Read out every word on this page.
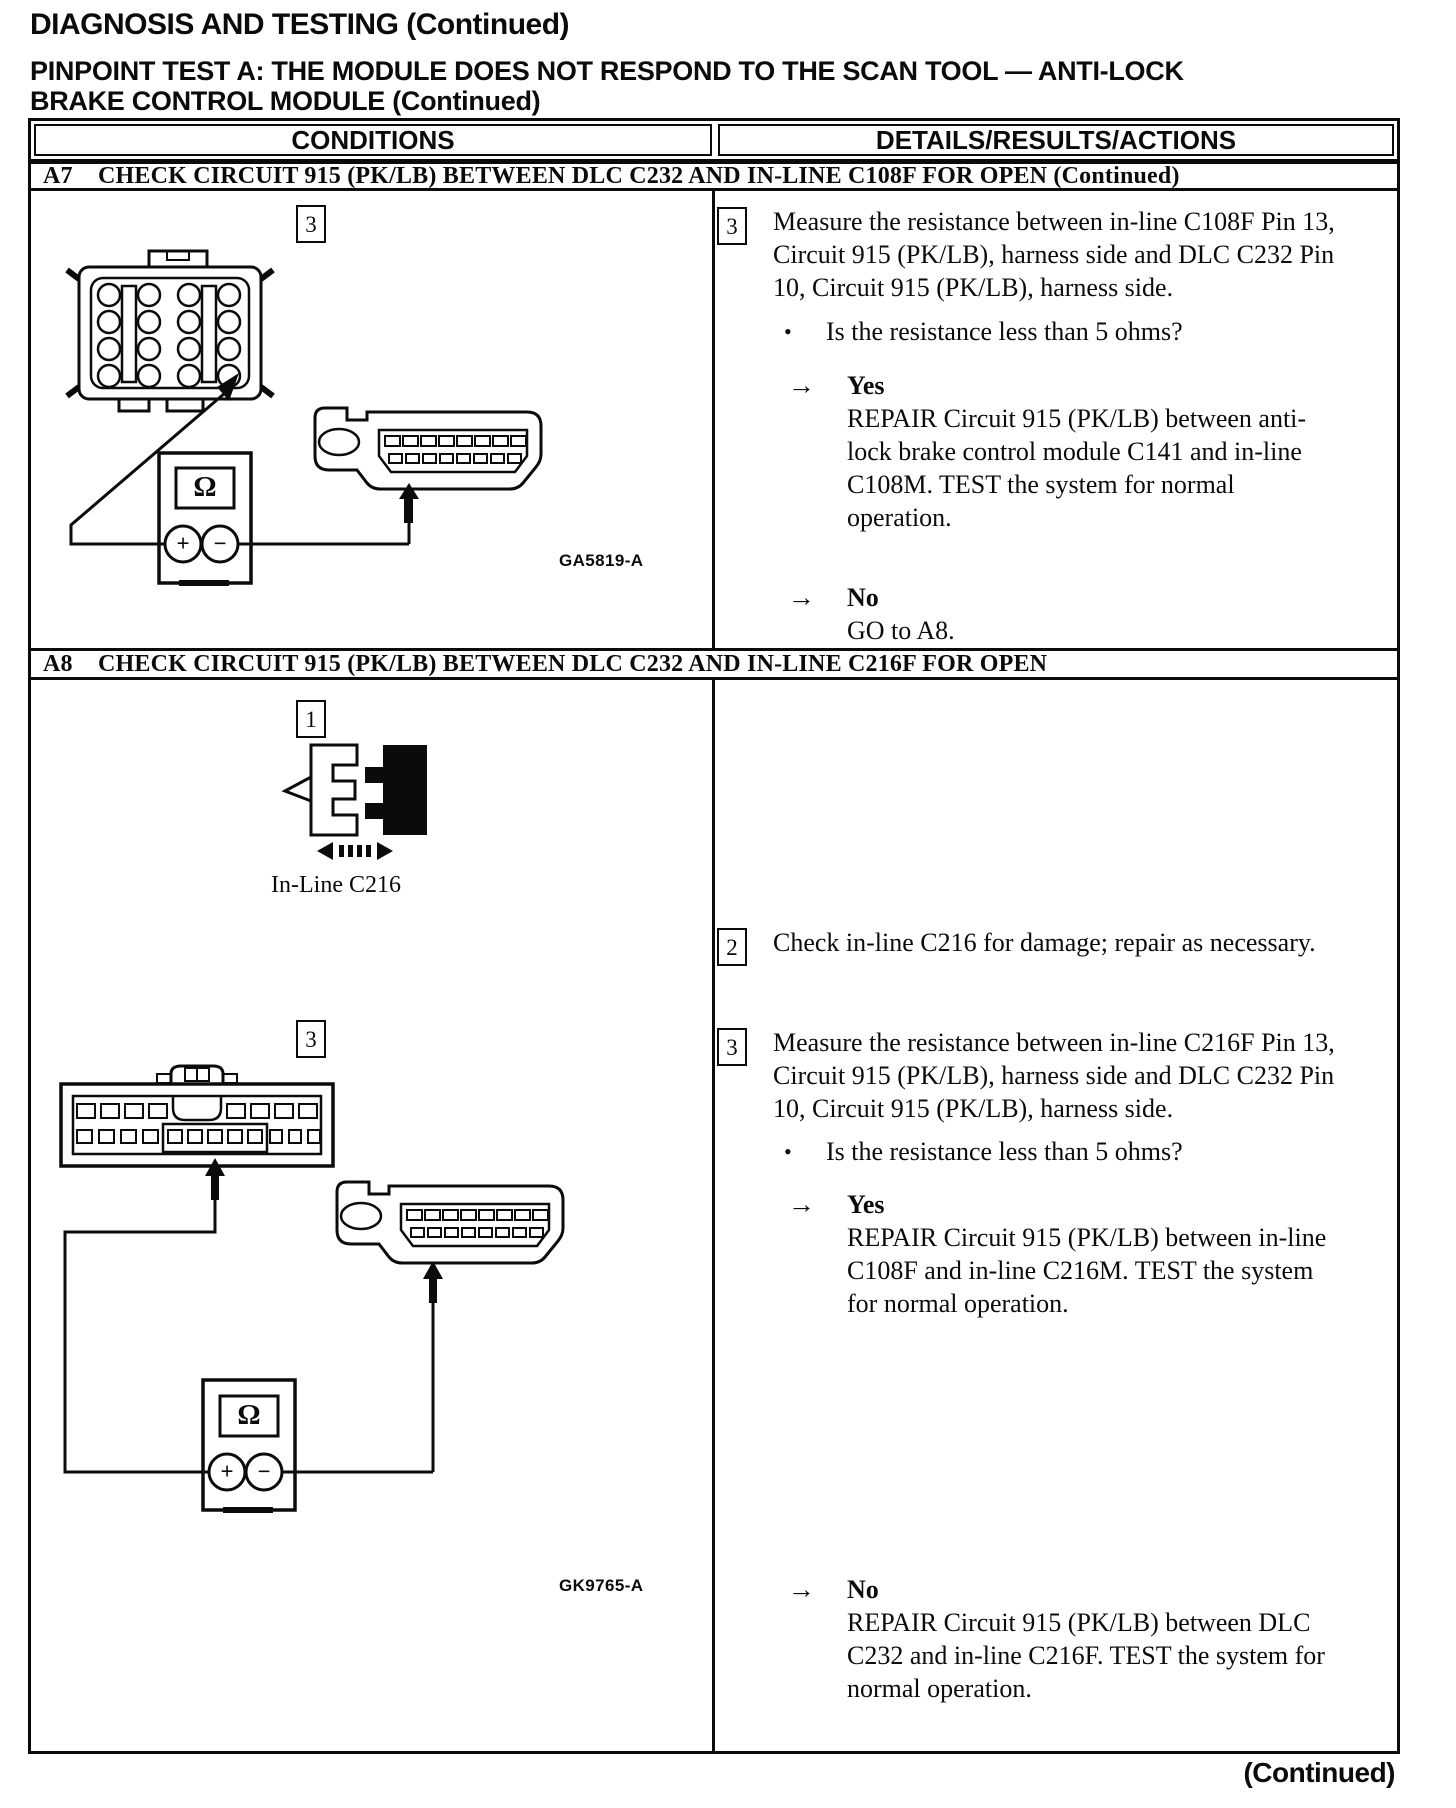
DIAGNOSIS AND TESTING (Continued)
PINPOINT TEST A: THE MODULE DOES NOT RESPOND TO THE SCAN TOOL — ANTI-LOCK
BRAKE CONTROL MODULE (Continued)
CONDITIONS	DETAILS/RESULTS/ACTIONS
A7	CHECK CIRCUIT 915 (PK/LB) BETWEEN DLC C232 AND IN-LINE C108F FOR OPEN (Continued)
3
Ω
+ −
GA5819-A
3	Measure the resistance between in-line C108F Pin 13, Circuit 915 (PK/LB), harness side and DLC C232 Pin 10, Circuit 915 (PK/LB), harness side.
•	Is the resistance less than 5 ohms?
→	Yes
REPAIR Circuit 915 (PK/LB) between anti-lock brake control module C141 and in-line C108M. TEST the system for normal operation.
→	No
GO to A8.
A8	CHECK CIRCUIT 915 (PK/LB) BETWEEN DLC C232 AND IN-LINE C216F FOR OPEN
1
In-Line C216
3
Ω
+ −
GK9765-A
2	Check in-line C216 for damage; repair as necessary.
3	Measure the resistance between in-line C216F Pin 13, Circuit 915 (PK/LB), harness side and DLC C232 Pin 10, Circuit 915 (PK/LB), harness side.
•	Is the resistance less than 5 ohms?
→	Yes
REPAIR Circuit 915 (PK/LB) between in-line C108F and in-line C216M. TEST the system for normal operation.
→	No
REPAIR Circuit 915 (PK/LB) between DLC C232 and in-line C216F. TEST the system for normal operation.
(Continued)
